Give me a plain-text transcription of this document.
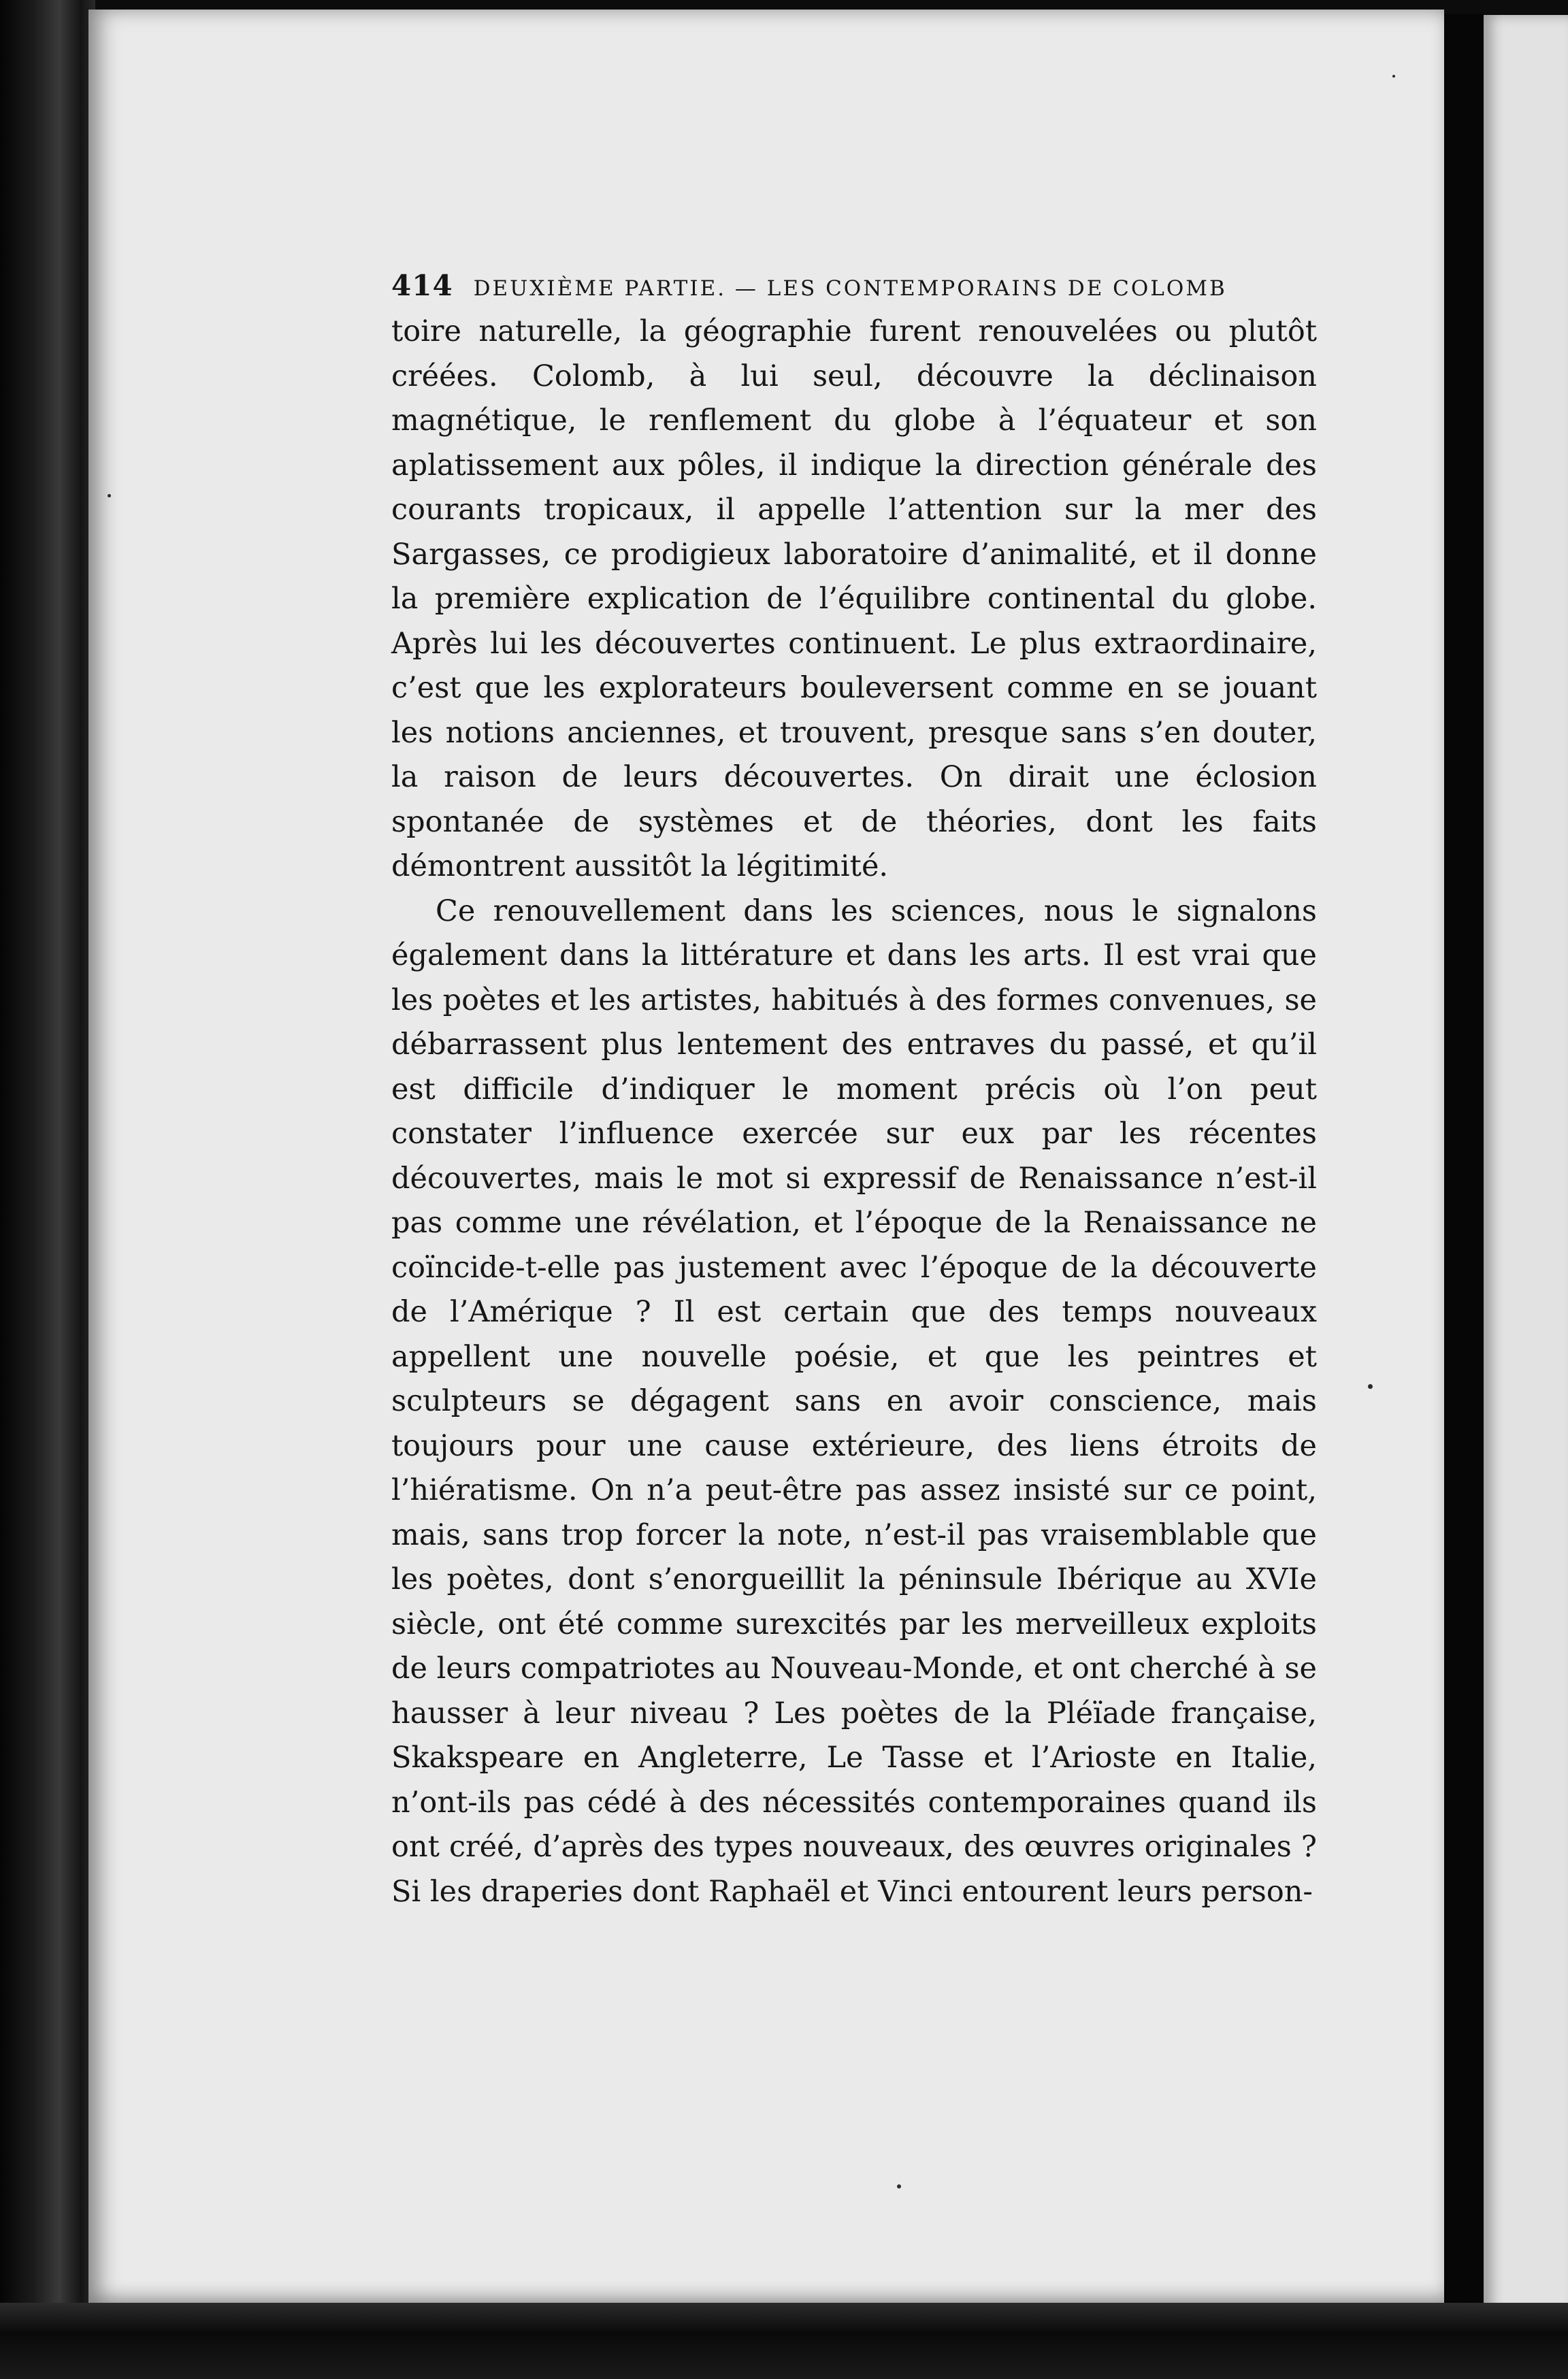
414 DEUXIÈME PARTIE. — LES CONTEMPORAINS DE COLOMB

toire naturelle, la géographie furent renouvelées ou plutôt créées. Colomb, à lui seul, découvre la déclinaison magnétique, le renflement du globe à l’équateur et son aplatissement aux pôles, il indique la direction générale des courants tropicaux, il appelle l’attention sur la mer des Sargasses, ce prodigieux laboratoire d’animalité, et il donne la première explication de l’équilibre continental du globe. Après lui les découvertes continuent. Le plus extraordinaire, c’est que les explorateurs bouleversent comme en se jouant les notions anciennes, et trouvent, presque sans s’en douter, la raison de leurs découvertes. On dirait une éclosion spontanée de systèmes et de théories, dont les faits démontrent aussitôt la légitimité.

Ce renouvellement dans les sciences, nous le signalons également dans la littérature et dans les arts. Il est vrai que les poètes et les artistes, habitués à des formes convenues, se débarrassent plus lentement des entraves du passé, et qu’il est difficile d’indiquer le moment précis où l’on peut constater l’influence exercée sur eux par les récentes découvertes, mais le mot si expressif de Renaissance n’est-il pas comme une révélation, et l’époque de la Renaissance ne coïncide-t-elle pas justement avec l’époque de la découverte de l’Amérique ? Il est certain que des temps nouveaux appellent une nouvelle poésie, et que les peintres et sculpteurs se dégagent sans en avoir conscience, mais toujours pour une cause extérieure, des liens étroits de l’hiératisme. On n’a peut-être pas assez insisté sur ce point, mais, sans trop forcer la note, n’est-il pas vraisemblable que les poètes, dont s’enorgueillit la péninsule Ibérique au XVIe siècle, ont été comme surexcités par les merveilleux exploits de leurs compatriotes au Nouveau-Monde, et ont cherché à se hausser à leur niveau ? Les poètes de la Pléïade française, Skakspeare en Angleterre, Le Tasse et l’Arioste en Italie, n’ont-ils pas cédé à des nécessités contemporaines quand ils ont créé, d’après des types nouveaux, des œuvres originales ? Si les draperies dont Raphaël et Vinci entourent leurs person-
